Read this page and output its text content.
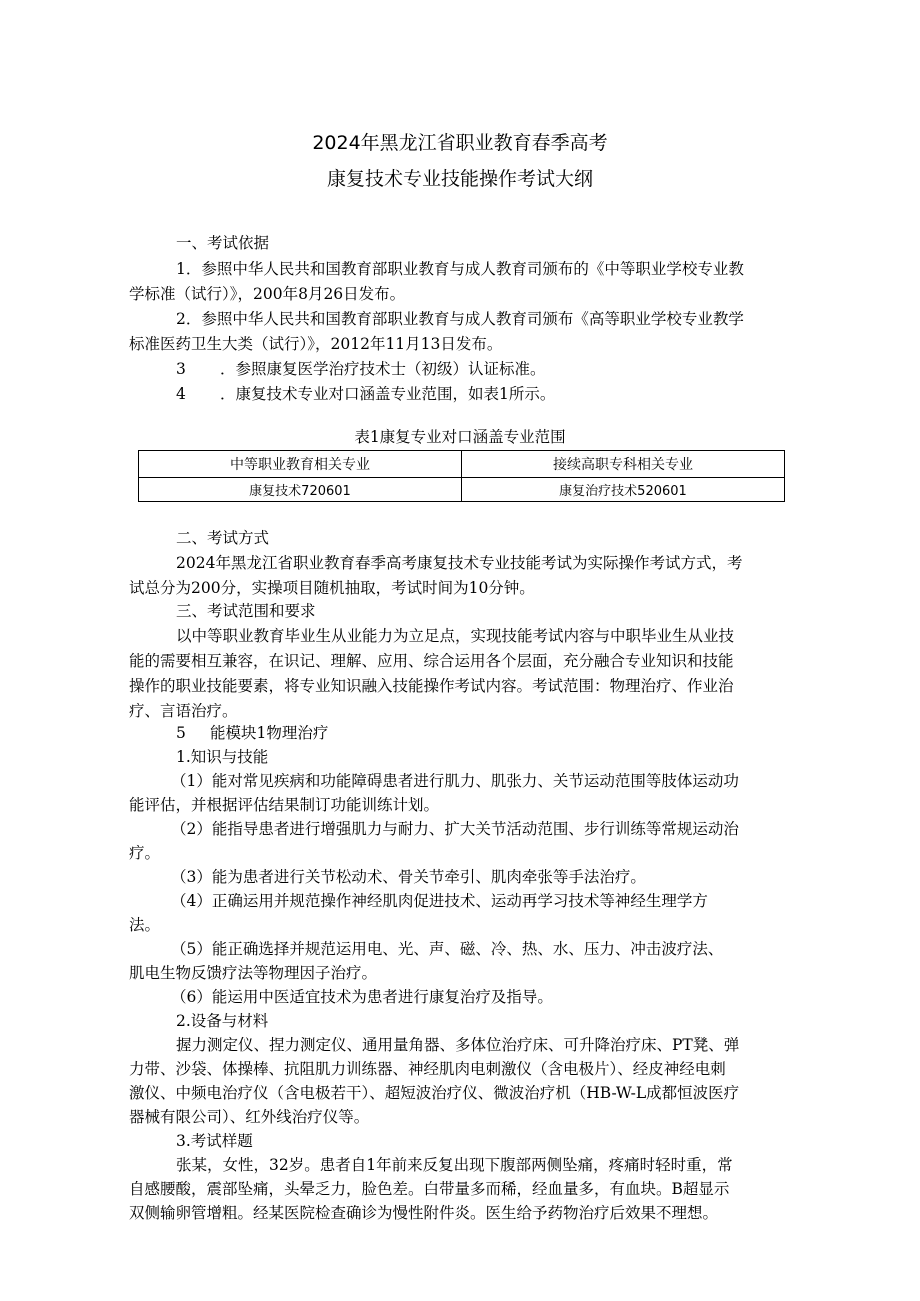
2024年黑龙江省职业教育春季高考
康复技术专业技能操作考试大纲
一、考试依据
1．参照中华人民共和国教育部职业教育与成人教育司颁布的《中等职业学校专业教
学标准（试行）》，200年8月26日发布。
2．参照中华人民共和国教育部职业教育与成人教育司颁布《高等职业学校专业教学
标准医药卫生大类（试行）》，2012年11月13日发布。
3 ．参照康复医学治疗技术士（初级）认证标准。
4 ．康复技术专业对口涵盖专业范围，如表1所示。
表1康复专业对口涵盖专业范围
中等职业教育相关专业	接续高职专科相关专业
康复技术720601	康复治疗技术520601
二、考试方式
2024年黑龙江省职业教育春季高考康复技术专业技能考试为实际操作考试方式，考
试总分为200分，实操项目随机抽取，考试时间为10分钟。
三、考试范围和要求
以中等职业教育毕业生从业能力为立足点，实现技能考试内容与中职毕业生从业技
能的需要相互兼容，在识记、理解、应用、综合运用各个层面，充分融合专业知识和技能
操作的职业技能要素，将专业知识融入技能操作考试内容。考试范围：物理治疗、作业治
疗、言语治疗。
5 能模块1物理治疗
1.知识与技能
（1）能对常见疾病和功能障碍患者进行肌力、肌张力、关节运动范围等肢体运动功
能评估，并根据评估结果制订功能训练计划。
（2）能指导患者进行增强肌力与耐力、扩大关节活动范围、步行训练等常规运动治
疗。
（3）能为患者进行关节松动术、骨关节牵引、肌肉牵张等手法治疗。
（4）正确运用并规范操作神经肌肉促进技术、运动再学习技术等神经生理学方
法。
（5）能正确选择并规范运用电、光、声、磁、冷、热、水、压力、冲击波疗法、
肌电生物反馈疗法等物理因子治疗。
（6）能运用中医适宜技术为患者进行康复治疗及指导。
2.设备与材料
握力测定仪、捏力测定仪、通用量角器、多体位治疗床、可升降治疗床、PT凳、弹
力带、沙袋、体操棒、抗阻肌力训练器、神经肌肉电刺激仪（含电极片）、经皮神经电刺
激仪、中频电治疗仪（含电极若干）、超短波治疗仪、微波治疗机（HB-W-L成都恒波医疗
器械有限公司）、红外线治疗仪等。
3.考试样题
张某，女性，32岁。患者自1年前来反复出现下腹部两侧坠痛，疼痛时轻时重，常
自感腰酸，震部坠痛，头晕乏力，脸色差。白带量多而稀，经血量多，有血块。B超显示
双侧输卵管增粗。经某医院检查确诊为慢性附件炎。医生给予药物治疗后效果不理想。
